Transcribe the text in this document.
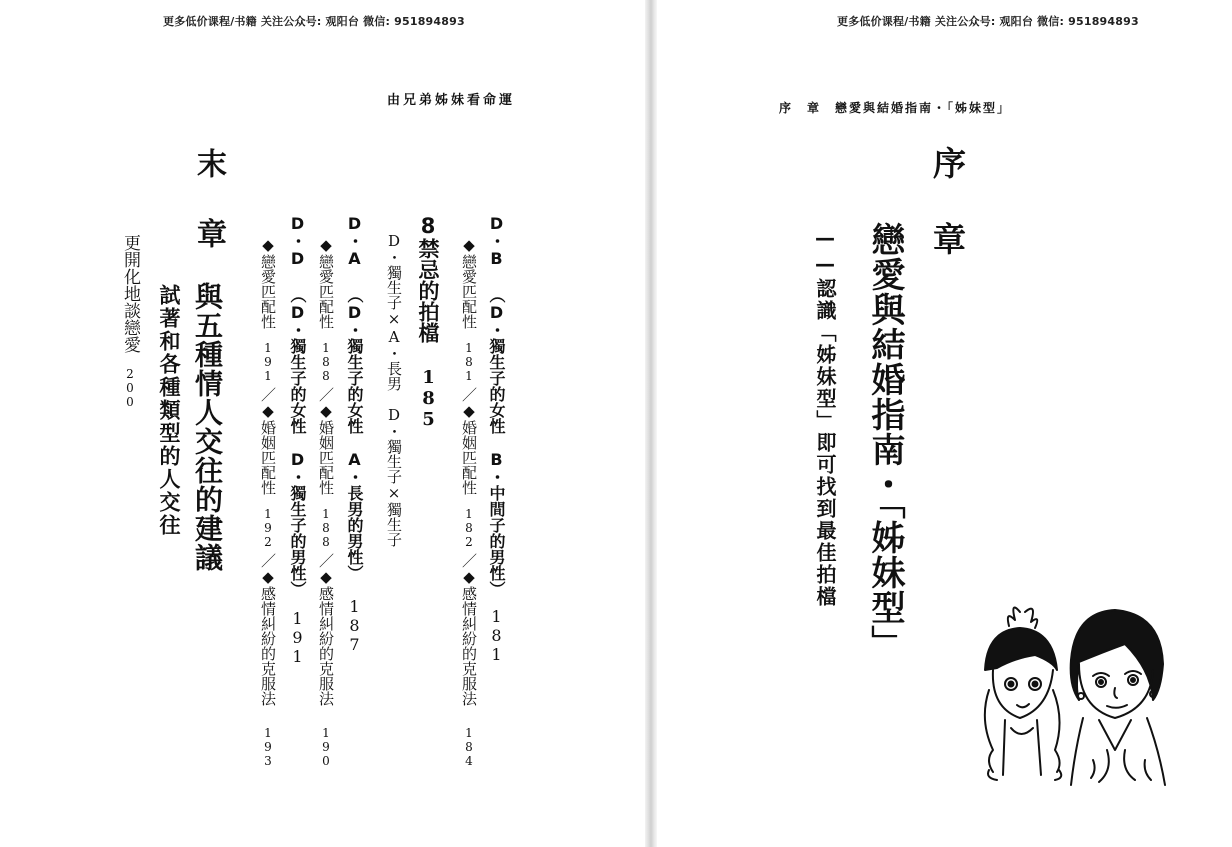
更多低价课程/书籍 关注公众号: 观阳台 微信: 951894893
由兄弟姊妹看命運
D・B （D・獨生子的女性　B・中間子的男性）181
◆戀愛匹配性181／◆婚姻匹配性182／◆感情糾紛的克服法184
8禁忌的拍檔185
D・獨生子×A・長男　D・獨生子×獨生子
D・A （D・獨生子的女性　A・長男的男性）187
◆戀愛匹配性188／◆婚姻匹配性188／◆感情糾紛的克服法190
D・D （D・獨生子的女性　D・獨生子的男性）191
◆戀愛匹配性191／◆婚姻匹配性192／◆感情糾紛的克服法193
末
章
與五種情人交往的建議
試著和各種類型的人交往
更開化地談戀愛200
更多低价课程/书籍 关注公众号: 观阳台 微信: 951894893
序　章　戀愛與結婚指南・「姊妹型」
序
章
戀愛與結婚指南・「姊妹型」
——認識「姊妹型」即可找到最佳拍檔
